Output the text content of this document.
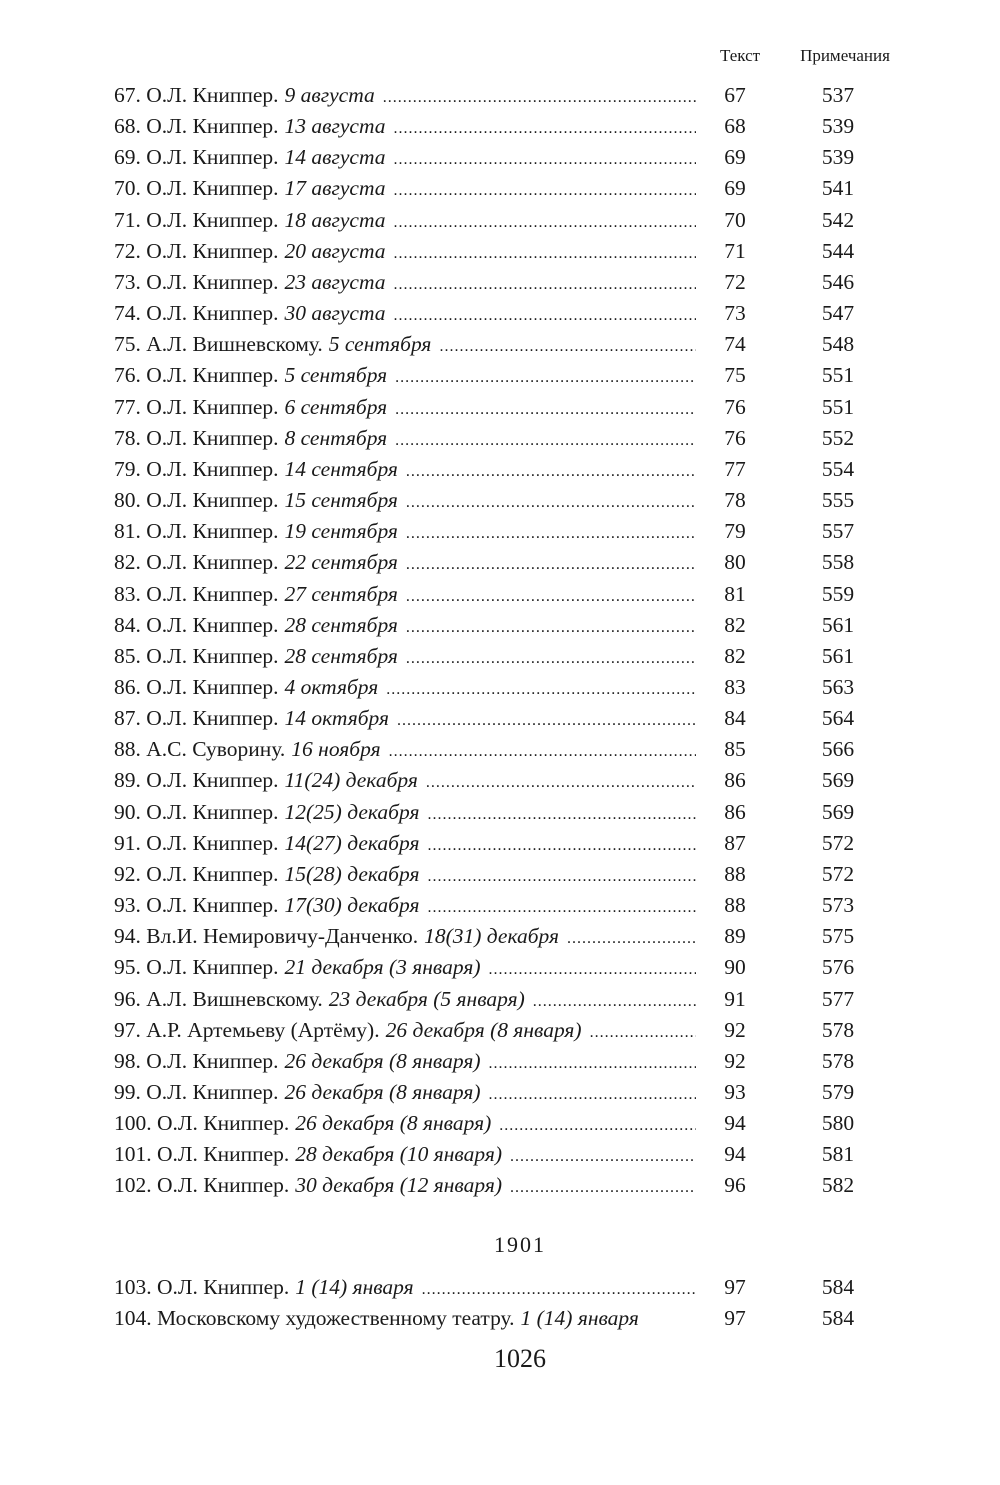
Текст	Примечания
67. О.Л. Книппер. 9 августа .....	67	537
68. О.Л. Книппер. 13 августа .....	68	539
69. О.Л. Книппер. 14 августа .....	69	539
70. О.Л. Книппер. 17 августа .....	69	541
71. О.Л. Книппер. 18 августа .....	70	542
72. О.Л. Книппер. 20 августа .....	71	544
73. О.Л. Книппер. 23 августа .....	72	546
74. О.Л. Книппер. 30 августа .....	73	547
75. А.Л. Вишневскому. 5 сентября .....	74	548
76. О.Л. Книппер. 5 сентября .....	75	551
77. О.Л. Книппер. 6 сентября .....	76	551
78. О.Л. Книппер. 8 сентября .....	76	552
79. О.Л. Книппер. 14 сентября .....	77	554
80. О.Л. Книппер. 15 сентября .....	78	555
81. О.Л. Книппер. 19 сентября .....	79	557
82. О.Л. Книппер. 22 сентября .....	80	558
83. О.Л. Книппер. 27 сентября .....	81	559
84. О.Л. Книппер. 28 сентября .....	82	561
85. О.Л. Книппер. 28 сентября .....	82	561
86. О.Л. Книппер. 4 октября .....	83	563
87. О.Л. Книппер. 14 октября .....	84	564
88. А.С. Суворину. 16 ноября .....	85	566
89. О.Л. Книппер. 11(24) декабря .....	86	569
90. О.Л. Книппер. 12(25) декабря .....	86	569
91. О.Л. Книппер. 14(27) декабря .....	87	572
92. О.Л. Книппер. 15(28) декабря .....	88	572
93. О.Л. Книппер. 17(30) декабря .....	88	573
94. Вл.И. Немировичу-Данченко. 18(31) декабря .....	89	575
95. О.Л. Книппер. 21 декабря (3 января) .....	90	576
96. А.Л. Вишневскому. 23 декабря (5 января) .....	91	577
97. А.Р. Артемьеву (Артёму). 26 декабря (8 января) .....	92	578
98. О.Л. Книппер. 26 декабря (8 января) .....	92	578
99. О.Л. Книппер. 26 декабря (8 января) .....	93	579
100. О.Л. Книппер. 26 декабря (8 января) .....	94	580
101. О.Л. Книппер. 28 декабря (10 января) .....	94	581
102. О.Л. Книппер. 30 декабря (12 января) .....	96	582
1901
103. О.Л. Книппер. 1 (14) января .....	97	584
104. Московскому художественному театру. 1 (14) января	97	584
1026
